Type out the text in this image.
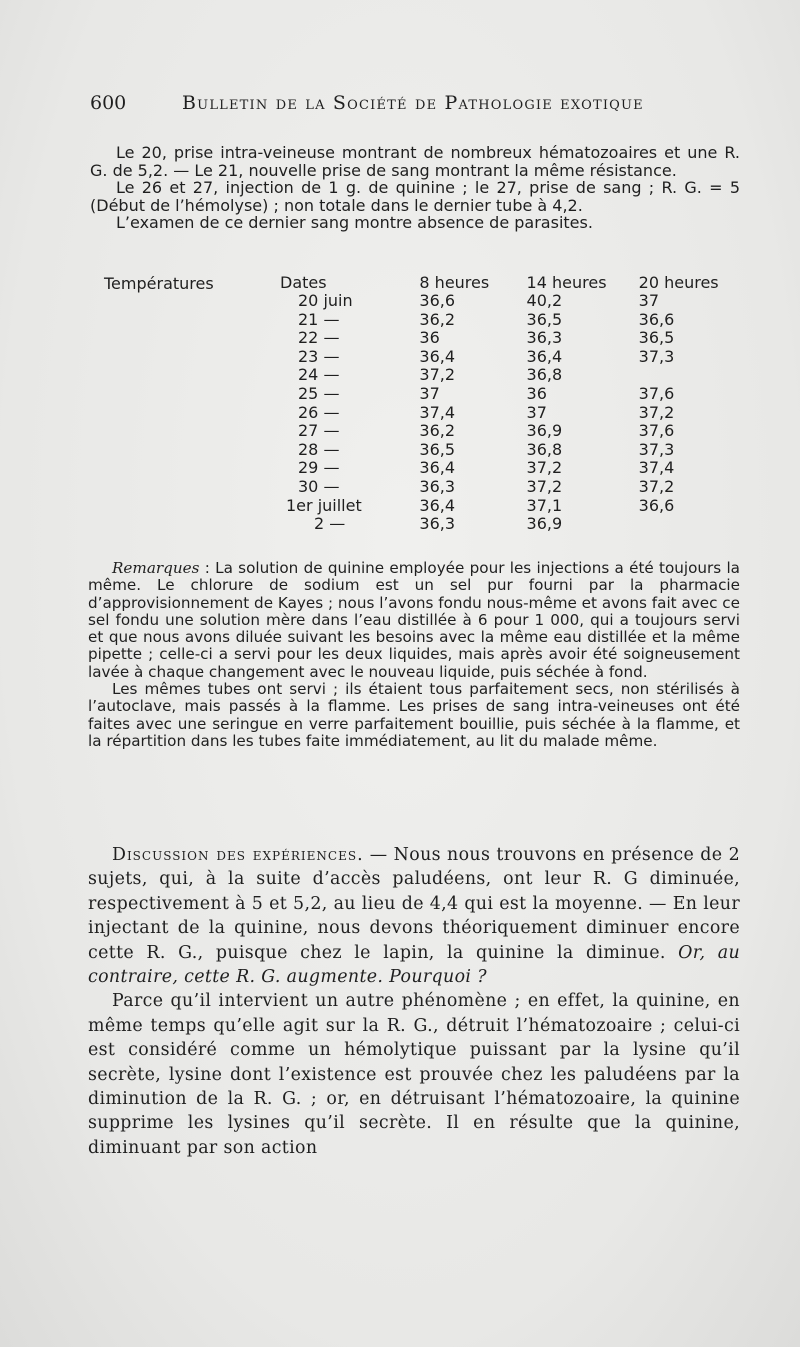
600	Bulletin de la Société de Pathologie exotique

Le 20, prise intra-veineuse montrant de nombreux hématozoaires et une R. G. de 5,2. — Le 21, nouvelle prise de sang montrant la même résistance.

Le 26 et 27, injection de 1 g. de quinine ; le 27, prise de sang ; R. G. = 5 (Début de l’hémolyse) ; non totale dans le dernier tube à 4,2.

L’examen de ce dernier sang montre absence de parasites.

Températures	Dates	8 heures	14 heures	20 heures
20 juin	36,6	40,2	37
21 —	36,2	36,5	36,6
22 —	36	36,3	36,5
23 —	36,4	36,4	37,3
24 —	37,2	36,8	
25 —	37	36	37,6
26 —	37,4	37	37,2
27 —	36,2	36,9	37,6
28 —	36,5	36,8	37,3
29 —	36,4	37,2	37,4
30 —	36,3	37,2	37,2
1er juillet	36,4	37,1	36,6
2 —	36,3	36,9	

Remarques : La solution de quinine employée pour les injections a été toujours la même. Le chlorure de sodium est un sel pur fourni par la pharmacie d’approvisionnement de Kayes ; nous l’avons fondu nous-même et avons fait avec ce sel fondu une solution mère dans l’eau distillée à 6 pour 1 000, qui a toujours servi et que nous avons diluée suivant les besoins avec la même eau distillée et la même pipette ; celle-ci a servi pour les deux liquides, mais après avoir été soigneusement lavée à chaque changement avec le nouveau liquide, puis séchée à fond.

Les mêmes tubes ont servi ; ils étaient tous parfaitement secs, non stérilisés à l’autoclave, mais passés à la flamme. Les prises de sang intra-veineuses ont été faites avec une seringue en verre parfaitement bouillie, puis séchée à la flamme, et la répartition dans les tubes faite immédiatement, au lit du malade même.

Discussion des expériences. — Nous nous trouvons en présence de 2 sujets, qui, à la suite d’accès paludéens, ont leur R. G diminuée, respectivement à 5 et 5,2, au lieu de 4,4 qui est la moyenne. — En leur injectant de la quinine, nous devons théoriquement diminuer encore cette R. G., puisque chez le lapin, la quinine la diminue. Or, au contraire, cette R. G. augmente. Pourquoi ?

Parce qu’il intervient un autre phénomène ; en effet, la quinine, en même temps qu’elle agit sur la R. G., détruit l’hématozoaire ; celui-ci est considéré comme un hémolytique puissant par la lysine qu’il secrète, lysine dont l’existence est prouvée chez les paludéens par la diminution de la R. G. ; or, en détruisant l’hématozoaire, la quinine supprime les lysines qu’il secrète. Il en résulte que la quinine, diminuant par son action
